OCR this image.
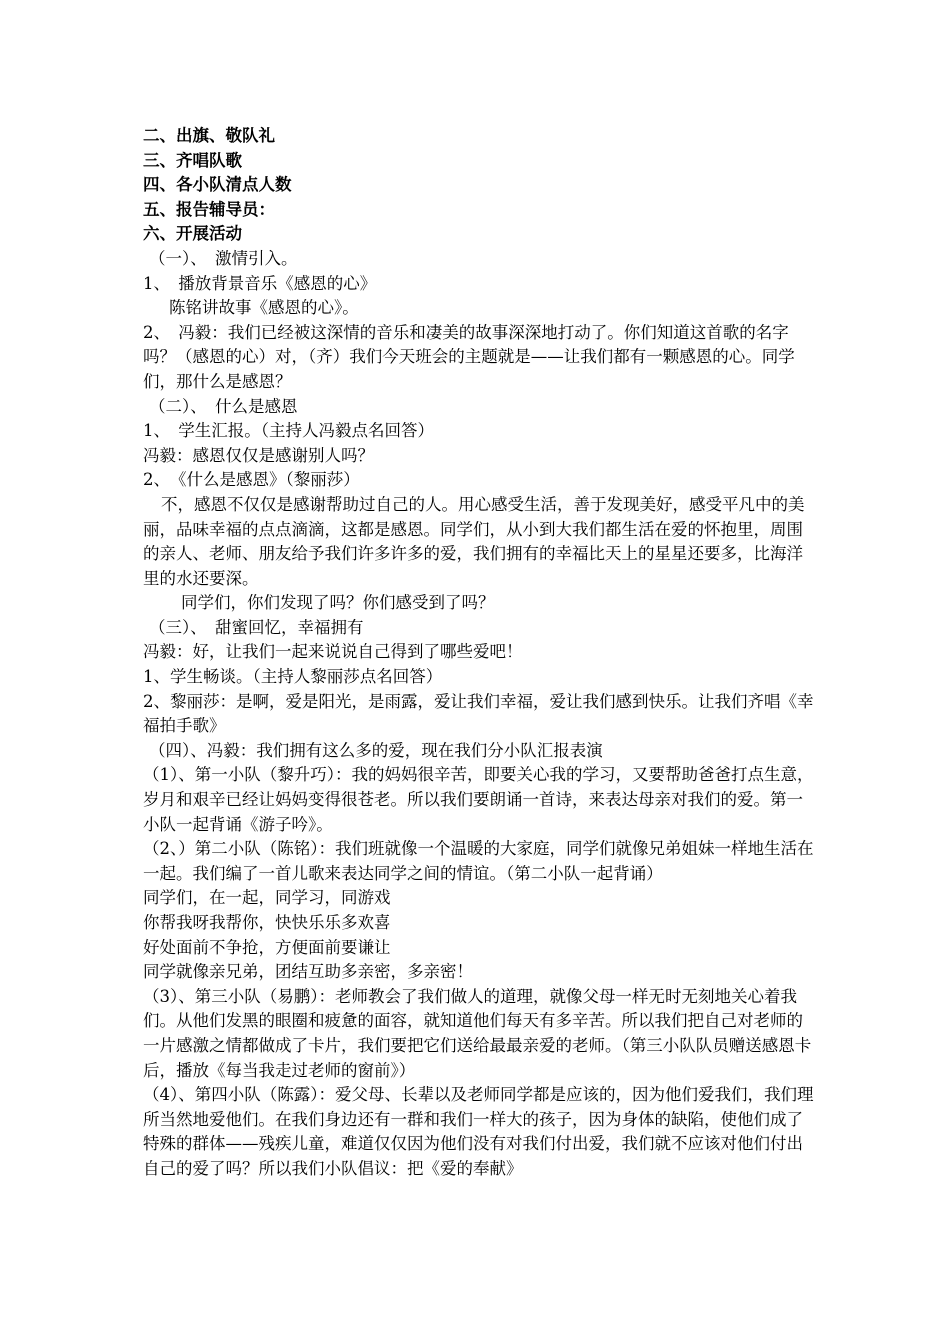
二、出旗、敬队礼
三、齐唱队歌
四、各小队清点人数
五、报告辅导员：
六、开展活动
（一）、　激情引入。
1、　播放背景音乐《感恩的心》
陈铭讲故事《感恩的心》。
2、　冯毅：我们已经被这深情的音乐和凄美的故事深深地打动了。你们知道这首歌的名字吗？（感恩的心）对，（齐）我们今天班会的主题就是——让我们都有一颗感恩的心。同学们，那什么是感恩？
（二）、　什么是感恩
1、　学生汇报。（主持人冯毅点名回答）
冯毅：感恩仅仅是感谢别人吗？
2、　《什么是感恩》（黎丽莎）
不，感恩不仅仅是感谢帮助过自己的人。用心感受生活，善于发现美好，感受平凡中的美丽，品味幸福的点点滴滴，这都是感恩。同学们，从小到大我们都生活在爱的怀抱里，周围的亲人、老师、朋友给予我们许多许多的爱，我们拥有的幸福比天上的星星还要多，比海洋里的水还要深。
同学们，你们发现了吗？你们感受到了吗？
（三）、　甜蜜回忆，幸福拥有
冯毅：好，让我们一起来说说自己得到了哪些爱吧！
1、学生畅谈。（主持人黎丽莎点名回答）
2、黎丽莎：是啊，爱是阳光，是雨露，爱让我们幸福，爱让我们感到快乐。让我们齐唱《幸福拍手歌》
（四）、冯毅：我们拥有这么多的爱，现在我们分小队汇报表演
（1）、第一小队（黎升巧）：我的妈妈很辛苦，即要关心我的学习，又要帮助爸爸打点生意，岁月和艰辛已经让妈妈变得很苍老。所以我们要朗诵一首诗，来表达母亲对我们的爱。第一小队一起背诵《游子吟》。
（2、）第二小队（陈铭）：我们班就像一个温暖的大家庭，同学们就像兄弟姐妹一样地生活在一起。我们编了一首儿歌来表达同学之间的情谊。（第二小队一起背诵）
同学们，在一起，同学习，同游戏
你帮我呀我帮你，快快乐乐多欢喜
好处面前不争抢，方便面前要谦让
同学就像亲兄弟，团结互助多亲密，多亲密！
（3）、第三小队（易鹏）：老师教会了我们做人的道理，就像父母一样无时无刻地关心着我们。从他们发黑的眼圈和疲惫的面容，就知道他们每天有多辛苦。所以我们把自己对老师的一片感激之情都做成了卡片，我们要把它们送给最最亲爱的老师。（第三小队队员赠送感恩卡后，播放《每当我走过老师的窗前》）
（4）、第四小队（陈露）：爱父母、长辈以及老师同学都是应该的，因为他们爱我们，我们理所当然地爱他们。在我们身边还有一群和我们一样大的孩子，因为身体的缺陷，使他们成了特殊的群体——残疾儿童，难道仅仅因为他们没有对我们付出爱，我们就不应该对他们付出自己的爱了吗？所以我们小队倡议：把《爱的奉献》
